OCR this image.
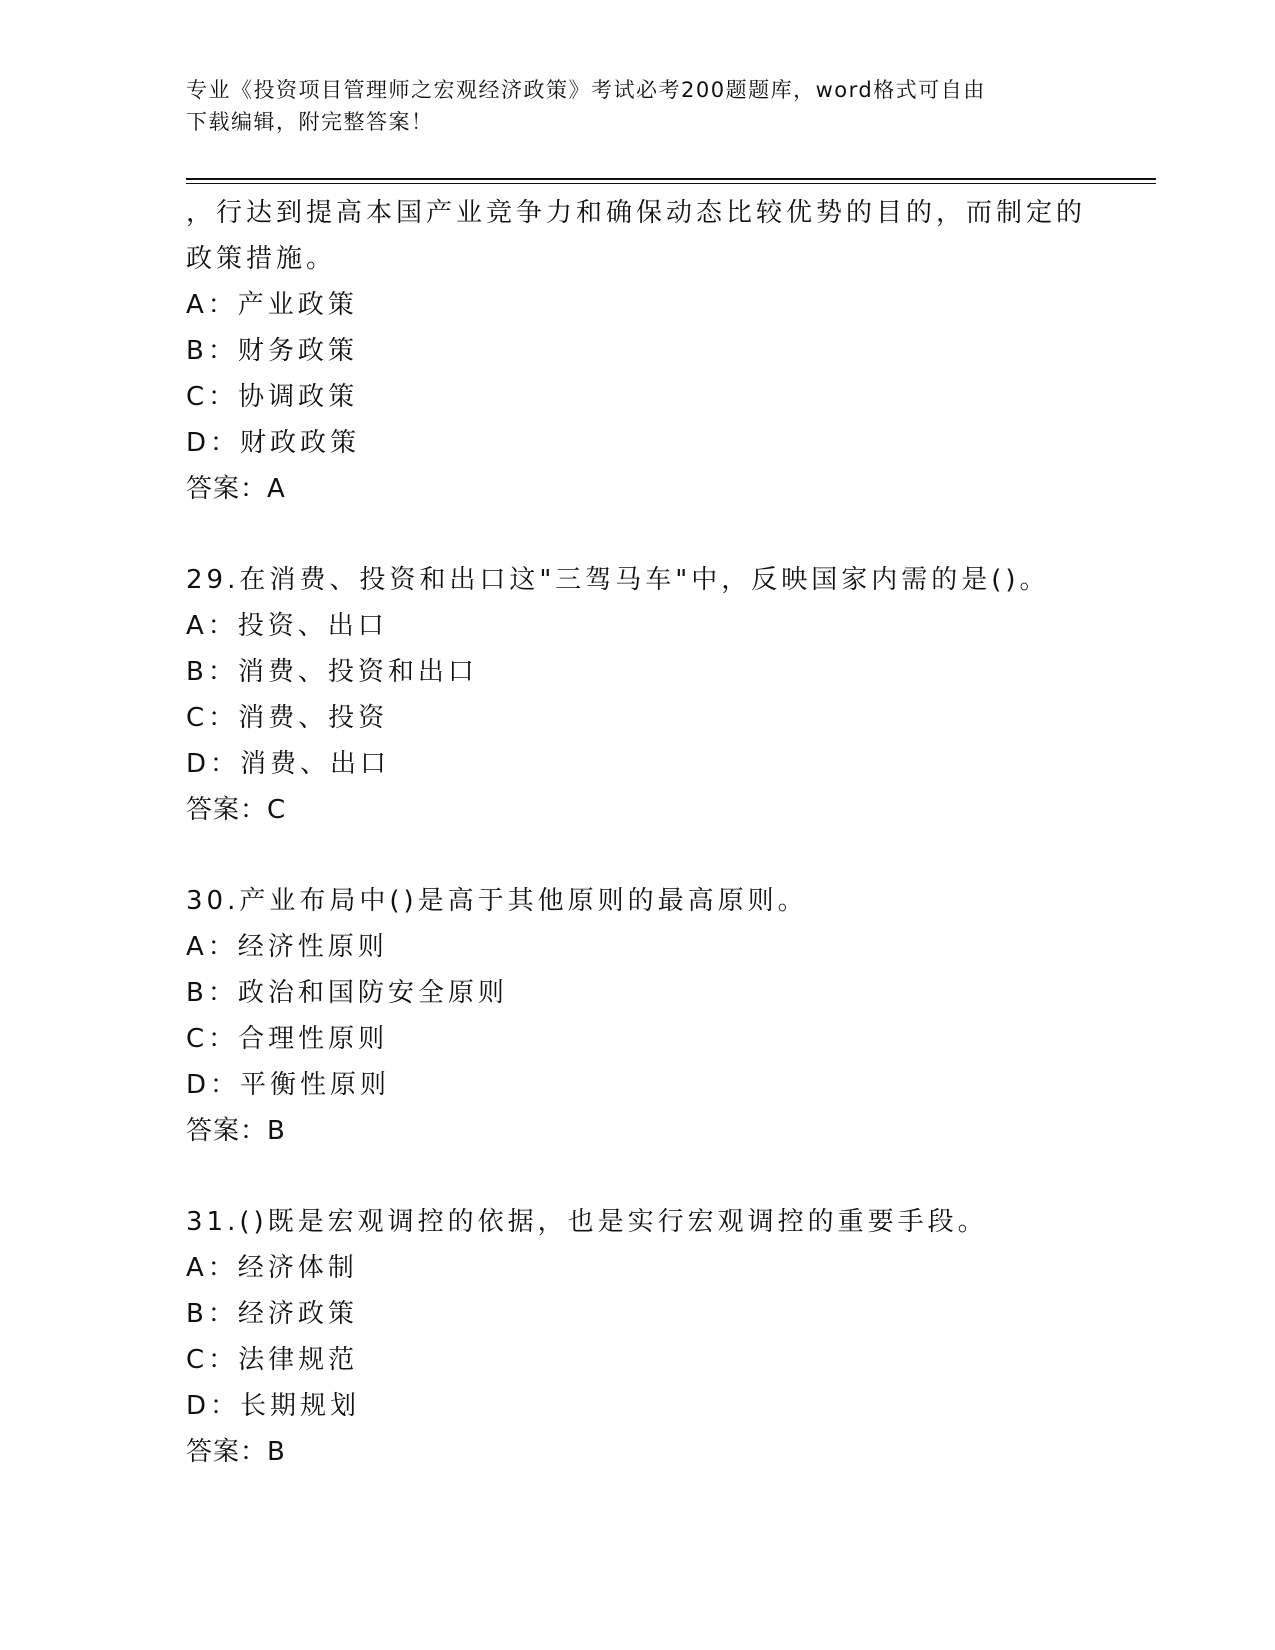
专业《投资项目管理师之宏观经济政策》考试必考200题题库，word格式可自由
下载编辑，附完整答案！
，行达到提高本国产业竞争力和确保动态比较优势的目的，而制定的
政策措施。
A：产业政策
B：财务政策
C：协调政策
D：财政政策
答案：A
29.在消费、投资和出口这"三驾马车"中，反映国家内需的是()。
A：投资、出口
B：消费、投资和出口
C：消费、投资
D：消费、出口
答案：C
30.产业布局中()是高于其他原则的最高原则。
A：经济性原则
B：政治和国防安全原则
C：合理性原则
D：平衡性原则
答案：B
31.()既是宏观调控的依据，也是实行宏观调控的重要手段。
A：经济体制
B：经济政策
C：法律规范
D：长期规划
答案：B
